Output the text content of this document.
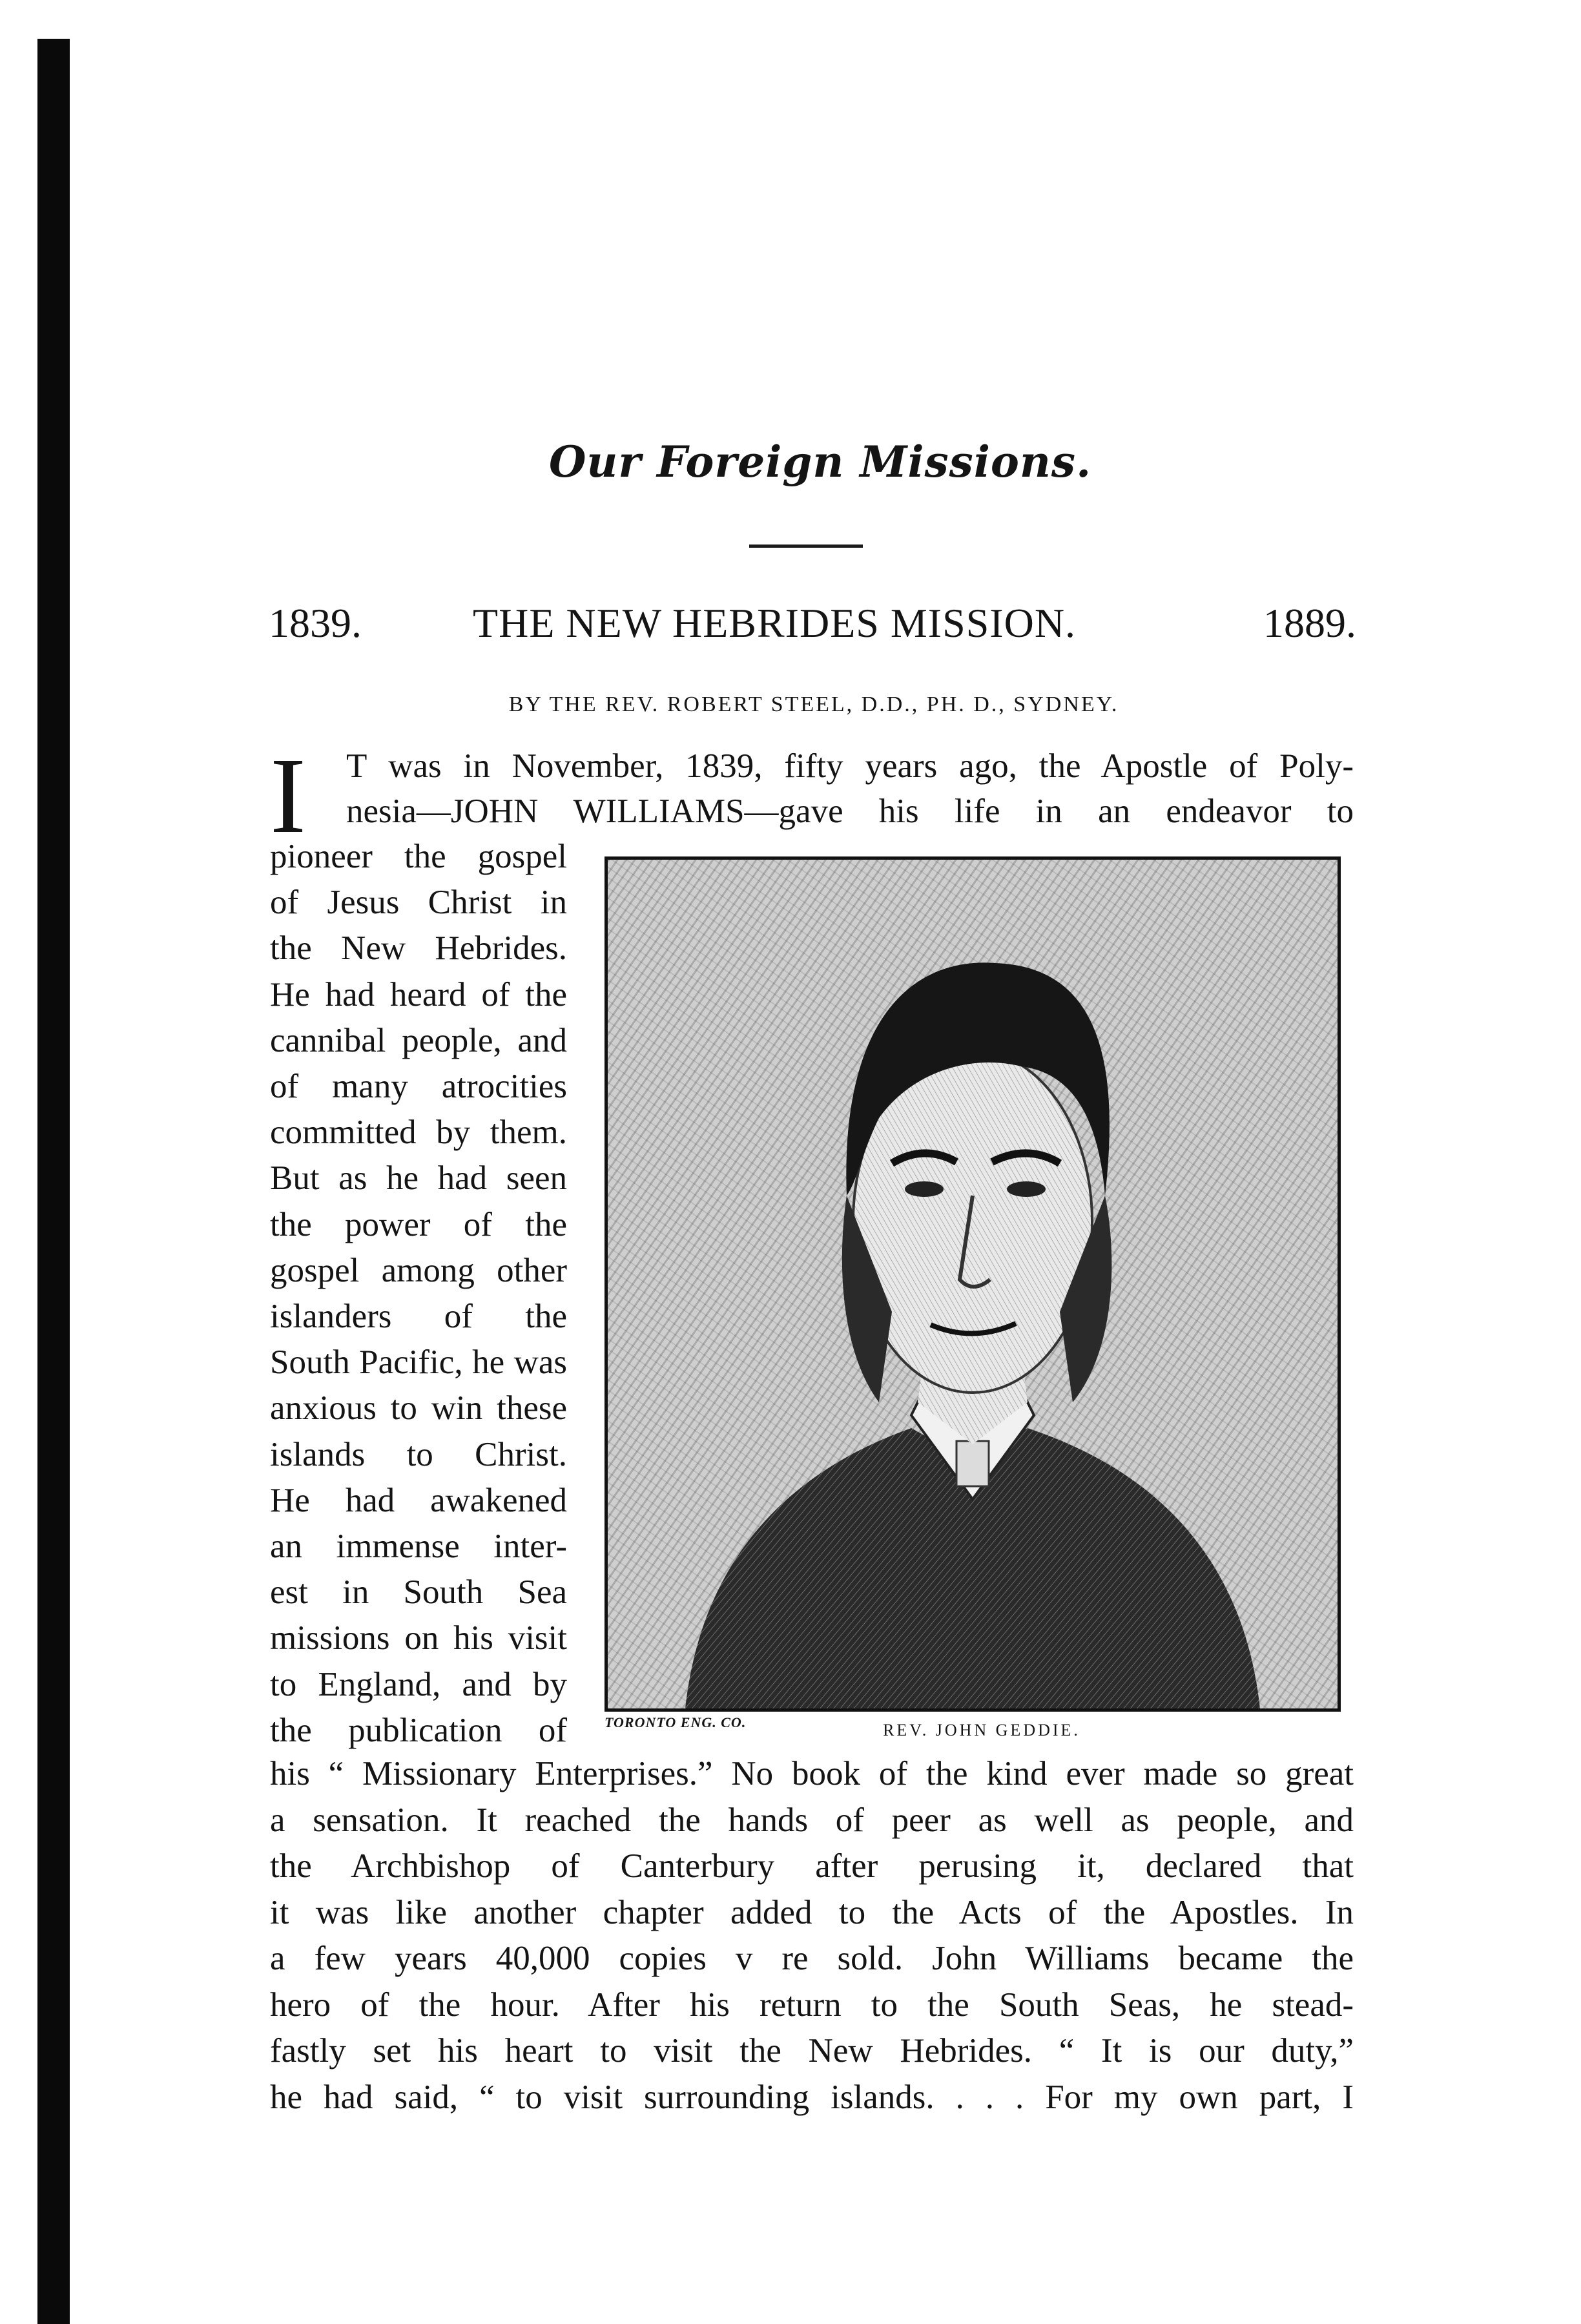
Our Foreign Missions.
1839.	THE NEW HEBRIDES MISSION.	1889.
BY THE REV. ROBERT STEEL, D.D., PH. D., SYDNEY.
I T was in November, 1839, fifty years ago, the Apostle of Poly-
nesia—JOHN WILLIAMS—gave his life in an endeavor to
pioneer the gospel
of Jesus Christ in
the New Hebrides.
He had heard of the
cannibal people, and
of many atrocities
committed by them.
But as he had seen
the power of the
gospel among other
islanders of the
South Pacific, he was
anxious to win these
islands to Christ.
He had awakened
an immense inter-
est in South Sea
missions on his visit
to England, and by
the publication of
his “ Missionary Enterprises.” No book of the kind ever made so great
a sensation. It reached the hands of peer as well as people, and
the Archbishop of Canterbury after perusing it, declared that
it was like another chapter added to the Acts of the Apostles. In
a few years 40,000 copies v re sold. John Williams became the
hero of the hour. After his return to the South Seas, he stead-
fastly set his heart to visit the New Hebrides. “ It is our duty,”
he had said, “ to visit surrounding islands. . . . For my own part, I
TORONTO ENG. CO.	REV. JOHN GEDDIE.
